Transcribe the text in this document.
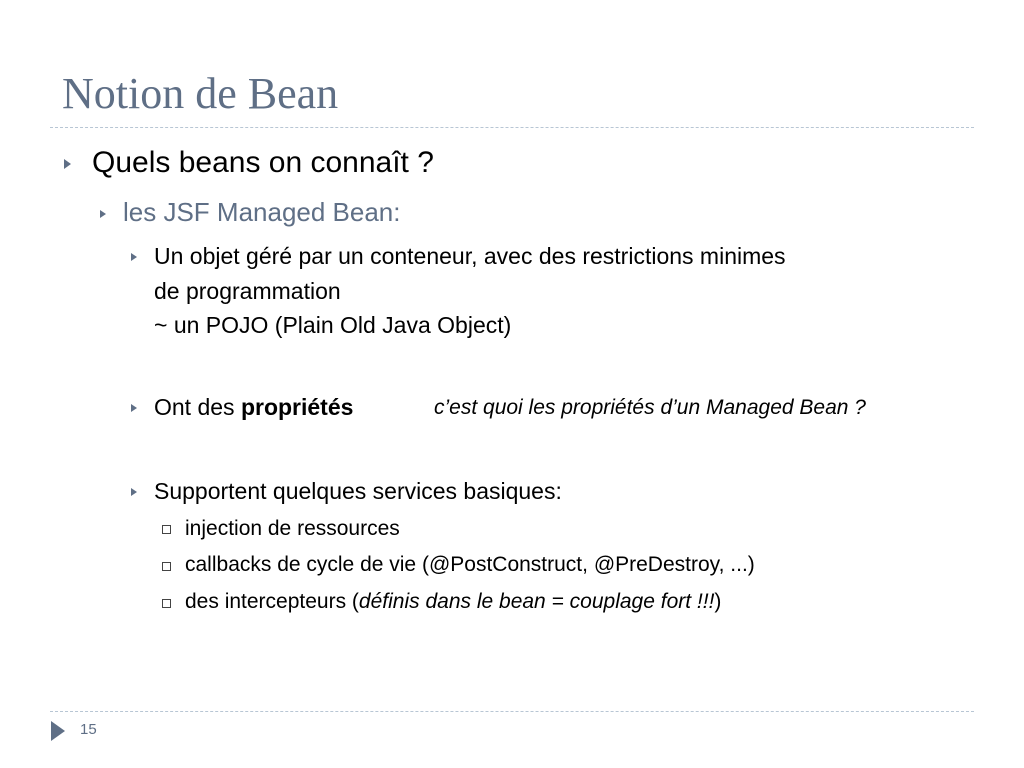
Notion de Bean
Quels beans on connaît ?
les JSF Managed Bean:
Un objet géré par un conteneur, avec des restrictions minimes
de programmation
~ un POJO (Plain Old Java Object)
Ont des propriétés	c’est quoi les propriétés d’un Managed Bean ?
Supportent quelques services basiques:
injection de ressources
callbacks de cycle de vie (@PostConstruct, @PreDestroy, ...)
des intercepteurs (définis dans le bean = couplage fort !!!)
15
